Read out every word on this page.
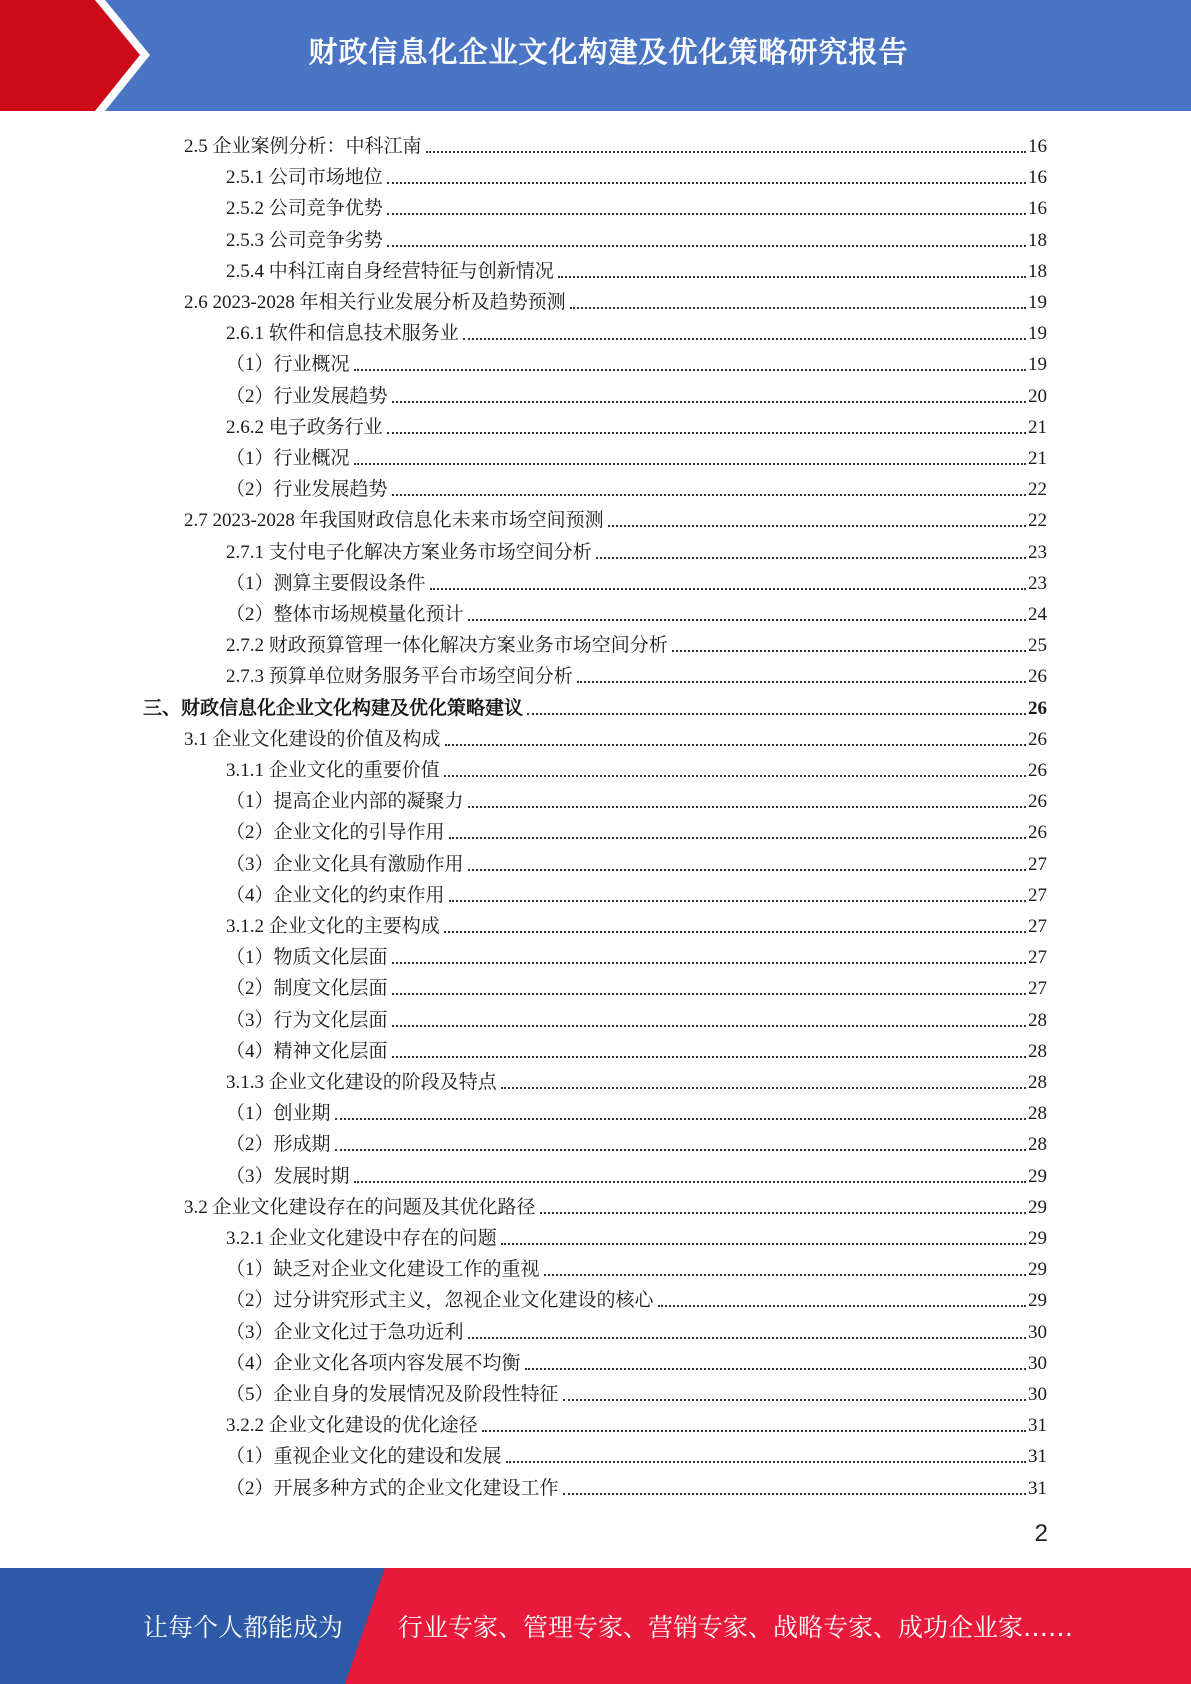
财政信息化企业文化构建及优化策略研究报告
2.5 企业案例分析：中科江南	16
2.5.1 公司市场地位	16
2.5.2 公司竞争优势	16
2.5.3 公司竞争劣势	18
2.5.4 中科江南自身经营特征与创新情况	18
2.6 2023-2028 年相关行业发展分析及趋势预测	19
2.6.1 软件和信息技术服务业	19
（1）行业概况	19
（2）行业发展趋势	20
2.6.2 电子政务行业	21
（1）行业概况	21
（2）行业发展趋势	22
2.7 2023-2028 年我国财政信息化未来市场空间预测	22
2.7.1 支付电子化解决方案业务市场空间分析	23
（1）测算主要假设条件	23
（2）整体市场规模量化预计	24
2.7.2 财政预算管理一体化解决方案业务市场空间分析	25
2.7.3 预算单位财务服务平台市场空间分析	26
三、财政信息化企业文化构建及优化策略建议	26
3.1 企业文化建设的价值及构成	26
3.1.1 企业文化的重要价值	26
（1）提高企业内部的凝聚力	26
（2）企业文化的引导作用	26
（3）企业文化具有激励作用	27
（4）企业文化的约束作用	27
3.1.2 企业文化的主要构成	27
（1）物质文化层面	27
（2）制度文化层面	27
（3）行为文化层面	28
（4）精神文化层面	28
3.1.3 企业文化建设的阶段及特点	28
（1）创业期	28
（2）形成期	28
（3）发展时期	29
3.2 企业文化建设存在的问题及其优化路径	29
3.2.1 企业文化建设中存在的问题	29
（1）缺乏对企业文化建设工作的重视	29
（2）过分讲究形式主义，忽视企业文化建设的核心	29
（3）企业文化过于急功近利	30
（4）企业文化各项内容发展不均衡	30
（5）企业自身的发展情况及阶段性特征	30
3.2.2 企业文化建设的优化途径	31
（1）重视企业文化的建设和发展	31
（2）开展多种方式的企业文化建设工作	31
2
让每个人都能成为 行业专家、管理专家、营销专家、战略专家、成功企业家……
